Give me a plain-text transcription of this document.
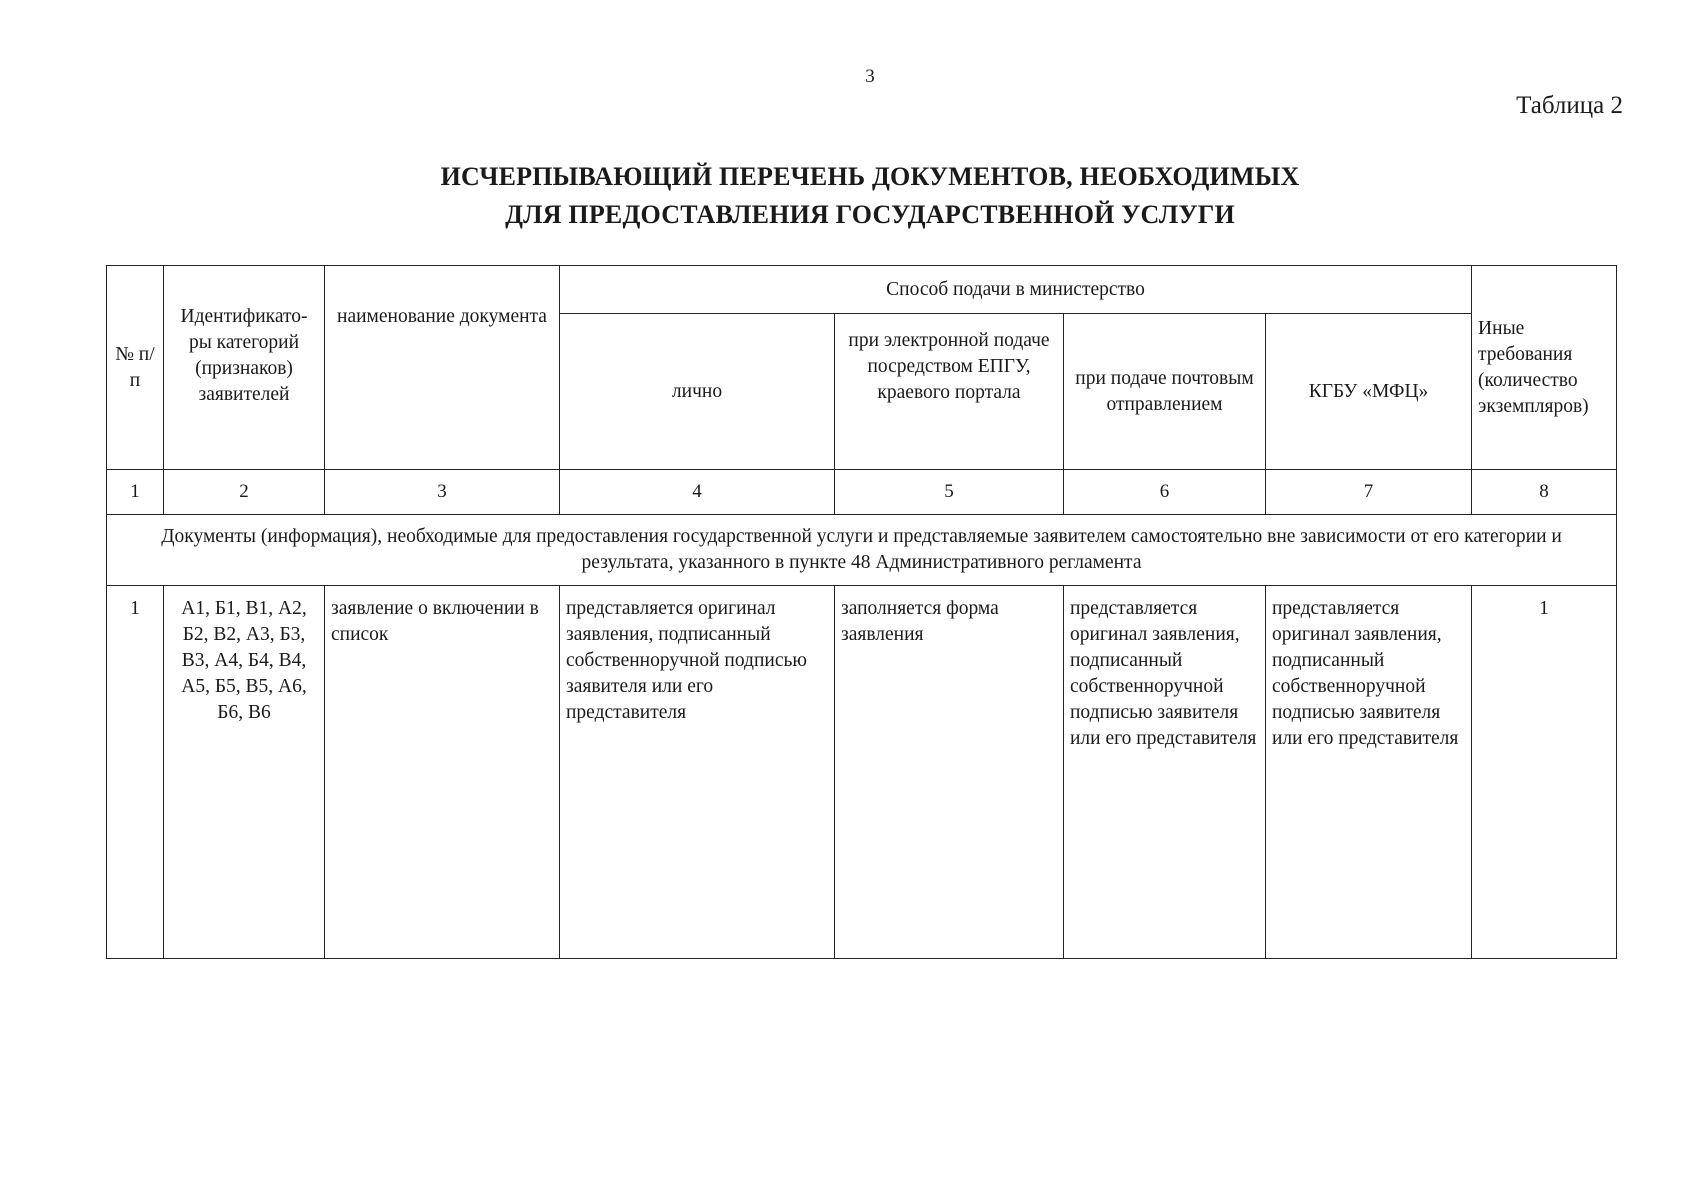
3
Таблица 2
ИСЧЕРПЫВАЮЩИЙ ПЕРЕЧЕНЬ ДОКУМЕНТОВ, НЕОБХОДИМЫХ
ДЛЯ ПРЕДОСТАВЛЕНИЯ ГОСУДАРСТВЕННОЙ УСЛУГИ
№ п/п	Идентификато-ры категорий (признаков) заявителей	наименование документа	Способ подачи в министерство				Иные требования (количество экземпляров)
			лично	при электронной подаче посредством ЕПГУ, краевого портала	при подаче почтовым отправлением	КГБУ «МФЦ»	
1	2	3	4	5	6	7	8
Документы (информация), необходимые для предоставления государственной услуги и представляемые заявителем самостоятельно вне зависимости от его категории и результата, указанного в пункте 48 Административного регламента							
1	А1, Б1, В1, А2, Б2, В2, А3, Б3, В3, А4, Б4, В4, А5, Б5, В5, А6, Б6, В6	заявление о включении в список	представляется оригинал заявления, подписанный собственноручной подписью заявителя или его представителя	заполняется форма заявления	представляется оригинал заявления, подписанный собственноручной подписью заявителя или его представителя	представляется оригинал заявления, подписанный собственноручной подписью заявителя или его представителя	1
